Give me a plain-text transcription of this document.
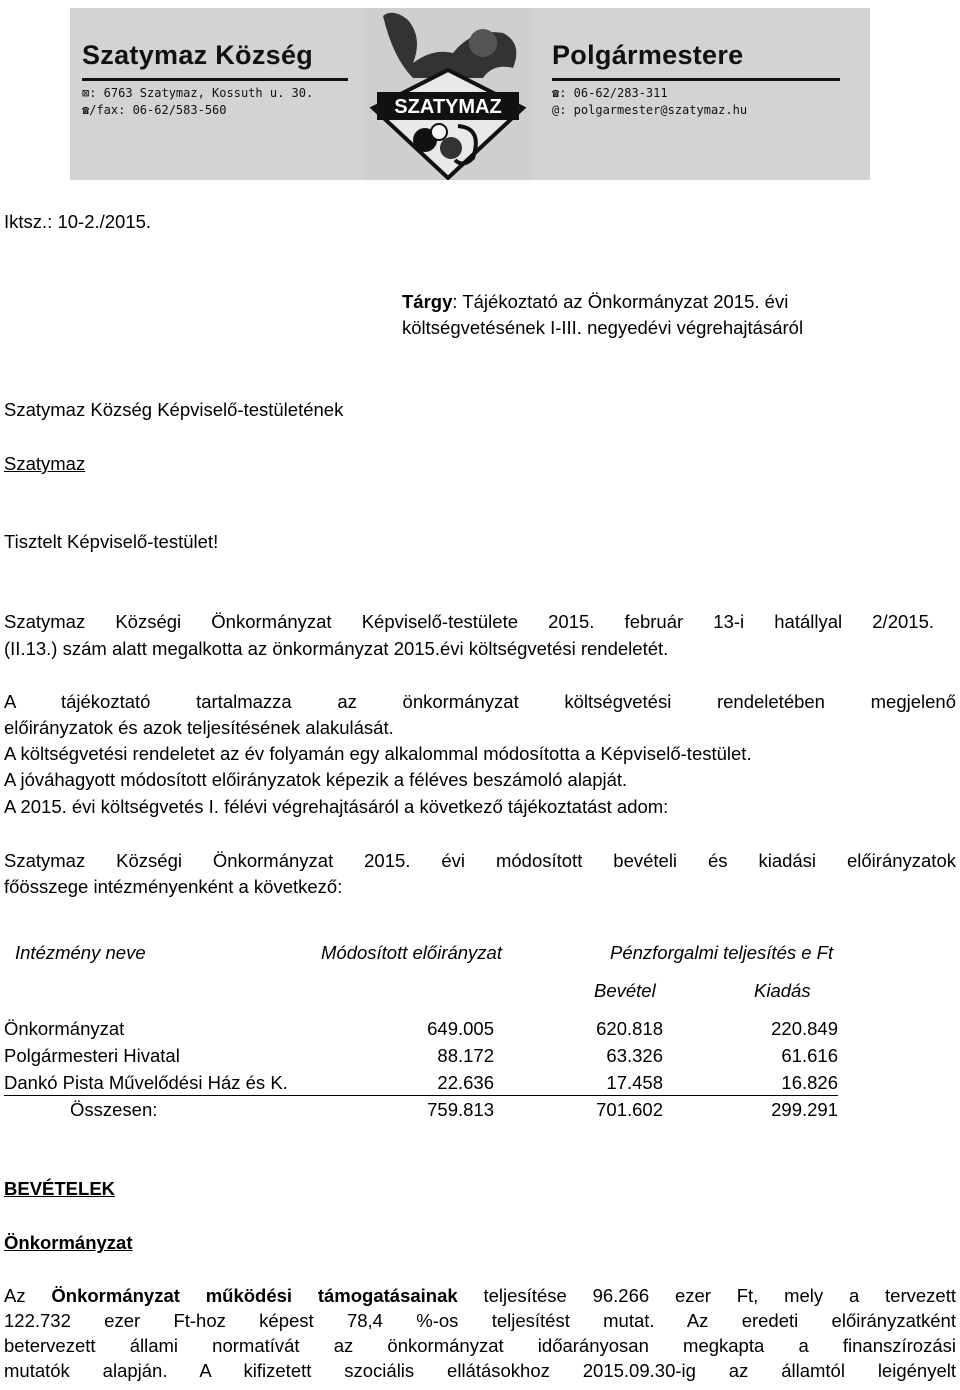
Szatymaz Község
⊠: 6763 Szatymaz, Kossuth u. 30.
☎/fax: 06-62/583-560	SZATYMAZ
Polgármestere
☎: 06-62/283-311
@: polgarmester@szatymaz.hu
Iktsz.: 10-2./2015.
Tárgy: Tájékoztató az Önkormányzat 2015. évi
költségvetésének I-III. negyedévi végrehajtásáról
Szatymaz Község Képviselő-testületének
Szatymaz
Tisztelt Képviselő-testület!
Szatymaz Községi Önkormányzat Képviselő-testülete 2015. február 13-i hatállyal 2/2015.
(II.13.) szám alatt megalkotta az önkormányzat 2015.évi költségvetési rendeletét.
A tájékoztató tartalmazza az önkormányzat költségvetési rendeletében megjelenő
előirányzatok és azok teljesítésének alakulását.
A költségvetési rendeletet az év folyamán egy alkalommal módosította a Képviselő-testület.
A jóváhagyott módosított előirányzatok képezik a féléves beszámoló alapját.
A 2015. évi költségvetés I. félévi végrehajtásáról a következő tájékoztatást adom:
Szatymaz Községi Önkormányzat 2015. évi módosított bevételi és kiadási előirányzatok
főösszege intézményenként a következő:
Intézmény neve	Módosított előirányzat	Pénzforgalmi teljesítés e Ft
Bevétel	Kiadás
Önkormányzat	649.005	620.818	220.849
Polgármesteri Hivatal	88.172	63.326	61.616
Dankó Pista Művelődési Ház és K.	22.636	17.458	16.826
Összesen:	759.813	701.602	299.291
BEVÉTELEK
Önkormányzat
Az Önkormányzat működési támogatásainak teljesítése 96.266 ezer Ft, mely a tervezett
122.732 ezer Ft-hoz képest 78,4 %-os teljesítést mutat. Az eredeti előirányzatként
betervezett állami normatívát az önkormányzat időarányosan megkapta a finanszírozási
mutatók alapján. A kifizetett szociális ellátásokhoz 2015.09.30-ig az államtól leigényelt
